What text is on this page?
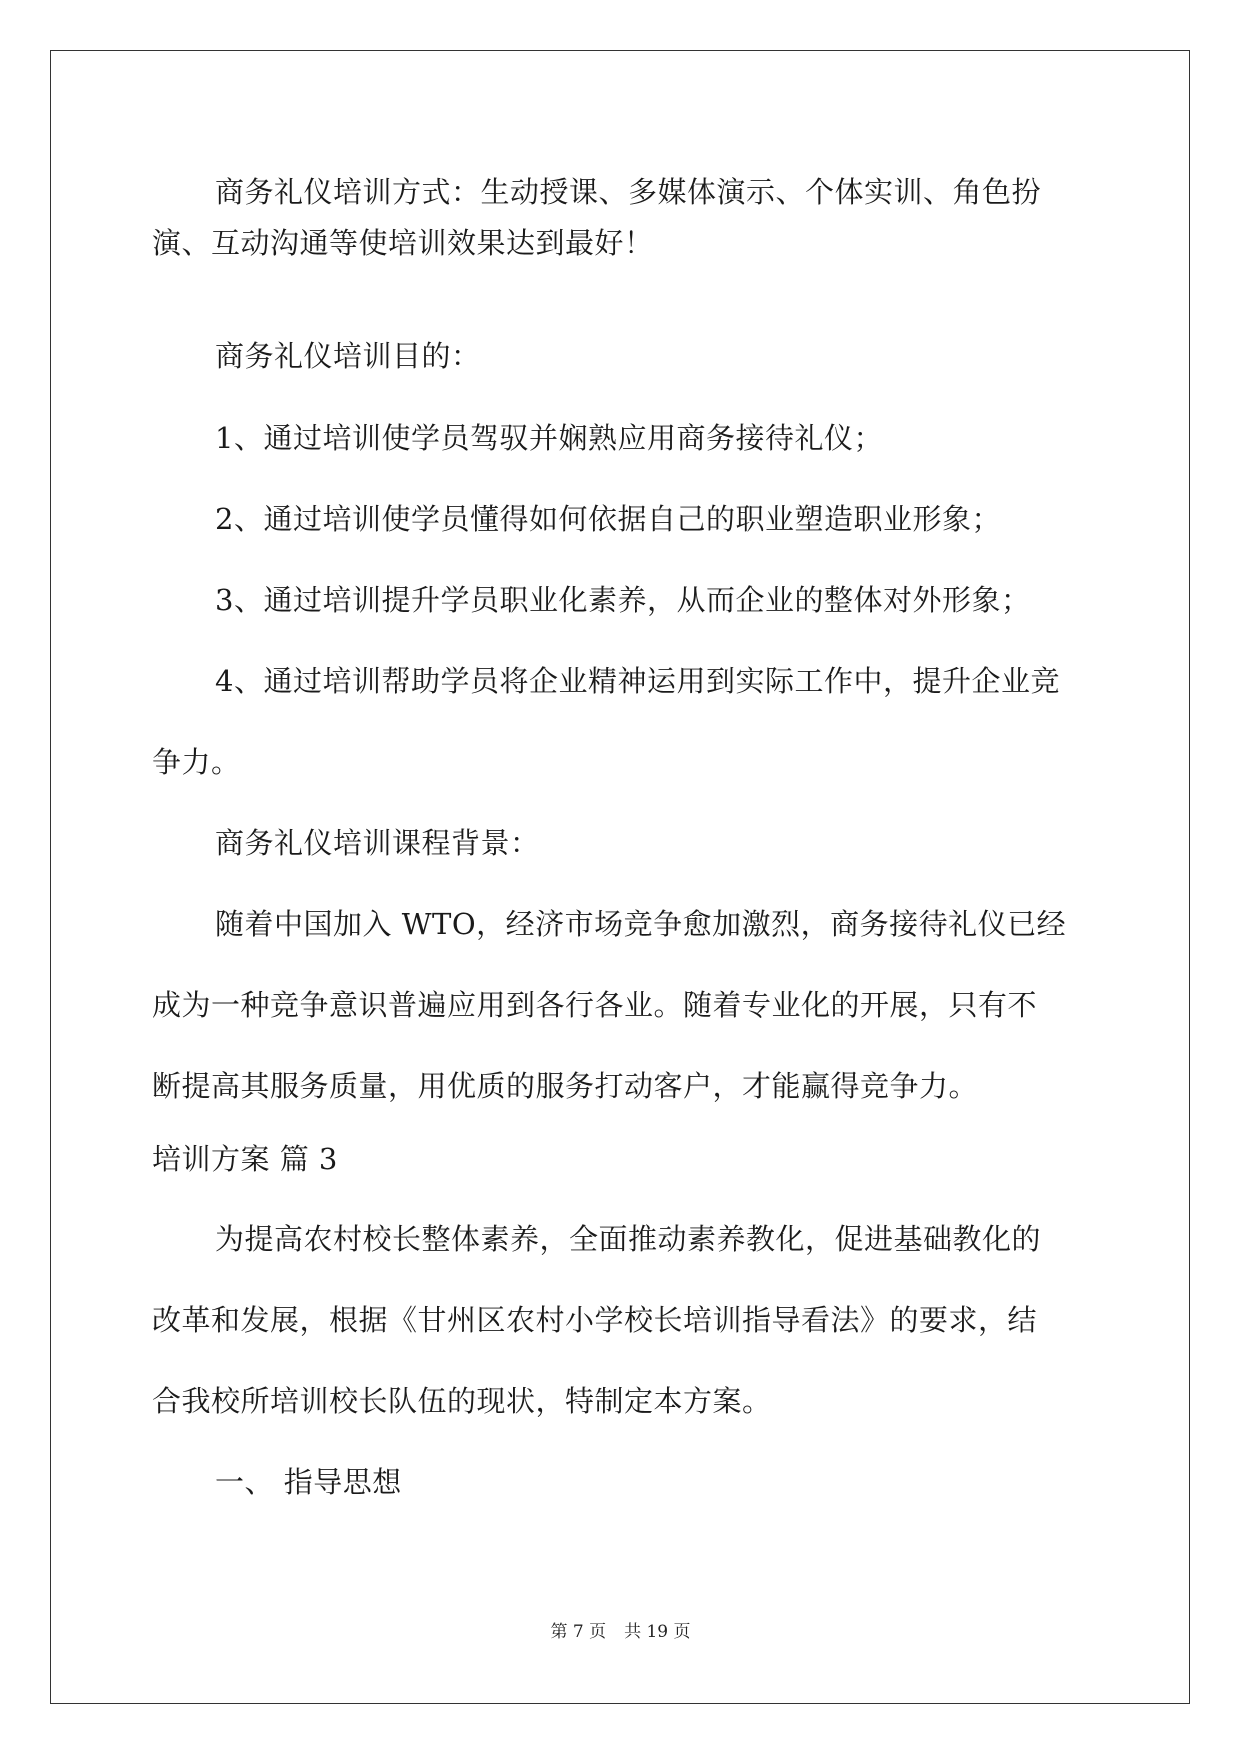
商务礼仪培训方式：生动授课、多媒体演示、个体实训、角色扮
演、互动沟通等使培训效果达到最好！
商务礼仪培训目的：
1、通过培训使学员驾驭并娴熟应用商务接待礼仪；
2、通过培训使学员懂得如何依据自己的职业塑造职业形象；
3、通过培训提升学员职业化素养，从而企业的整体对外形象；
4、通过培训帮助学员将企业精神运用到实际工作中，提升企业竞
争力。
商务礼仪培训课程背景：
随着中国加入 WTO，经济市场竞争愈加激烈，商务接待礼仪已经
成为一种竞争意识普遍应用到各行各业。随着专业化的开展，只有不
断提高其服务质量，用优质的服务打动客户，才能赢得竞争力。
培训方案 篇 3
为提高农村校长整体素养，全面推动素养教化，促进基础教化的
改革和发展，根据《甘州区农村小学校长培训指导看法》的要求，结
合我校所培训校长队伍的现状，特制定本方案。
一、 指导思想
第 7 页 共 19 页
